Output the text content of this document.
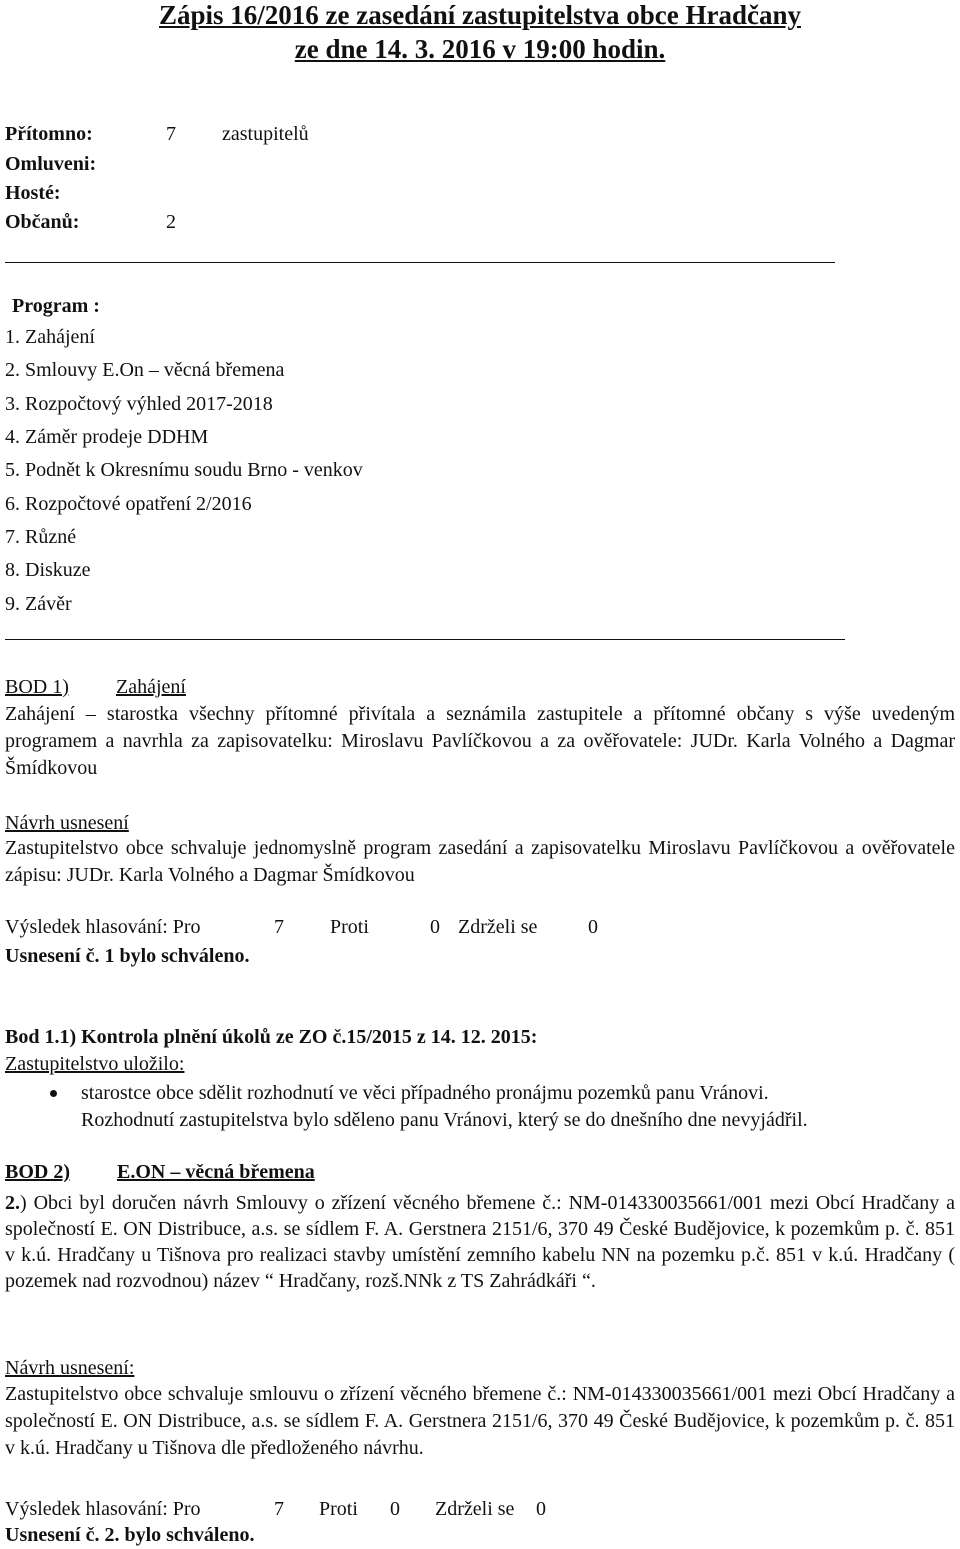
Zápis 16/2016 ze zasedání zastupitelstva obce Hradčany
ze dne 14. 3. 2016 v 19:00 hodin.
Přítomno:	7 zastupitelů
Omluveni:
Hosté:
Občanů:	2
Program :
1. Zahájení
2. Smlouvy E.On – věcná břemena
3. Rozpočtový výhled 2017-2018
4. Záměr prodeje DDHM
5. Podnět k Okresnímu soudu Brno - venkov
6. Rozpočtové opatření 2/2016
7. Různé
8. Diskuze
9. Závěr
BOD 1) Zahájení
Zahájení – starostka všechny přítomné přivítala a seznámila zastupitele a přítomné občany s výše uvedeným programem a navrhla za zapisovatelku: Miroslavu Pavlíčkovou a za ověřovatele: JUDr. Karla Volného a Dagmar Šmídkovou
Návrh usnesení
Zastupitelstvo obce schvaluje jednomyslně program zasedání a zapisovatelku Miroslavu Pavlíčkovou a ověřovatele zápisu: JUDr. Karla Volného a Dagmar Šmídkovou
Výsledek hlasování: Pro	7 Proti	0 Zdrželi se	0
Usnesení č. 1 bylo schváleno.
Bod 1.1) Kontrola plnění úkolů ze ZO č.15/2015 z 14. 12. 2015:
Zastupitelstvo uložilo:
starostce obce sdělit rozhodnutí ve věci případného pronájmu pozemků panu Vránovi.
Rozhodnutí zastupitelstva bylo sděleno panu Vránovi, který se do dnešního dne nevyjádřil.
BOD 2) E.ON – věcná břemena
2.) Obci byl doručen návrh Smlouvy o zřízení věcného břemene č.: NM-014330035661/001 mezi Obcí Hradčany a společností E. ON Distribuce, a.s. se sídlem F. A. Gerstnera 2151/6, 370 49 České Budějovice, k pozemkům p. č. 851 v k.ú. Hradčany u Tišnova pro realizaci stavby umístění zemního kabelu NN na pozemku p.č. 851 v k.ú. Hradčany ( pozemek nad rozvodnou) název “ Hradčany, rozš.NNk z TS Zahrádkáři “.
Návrh usnesení:
Zastupitelstvo obce schvaluje smlouvu o zřízení věcného břemene č.: NM-014330035661/001 mezi Obcí Hradčany a společností E. ON Distribuce, a.s. se sídlem F. A. Gerstnera 2151/6, 370 49 České Budějovice, k pozemkům p. č. 851 v k.ú. Hradčany u Tišnova dle předloženého návrhu.
Výsledek hlasování: Pro	7 Proti 0 Zdrželi se 0
Usnesení č. 2. bylo schváleno.
